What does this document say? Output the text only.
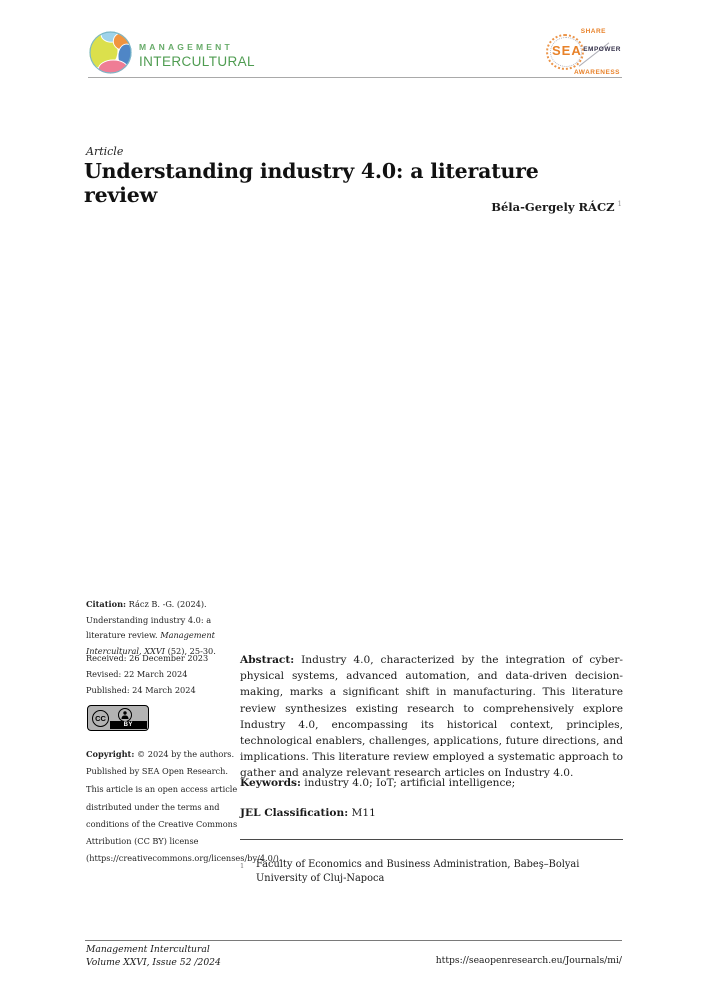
MANAGEMENT
INTERCULTURAL
SEA
SHARE
EMPOWER
AWARENESS
Article
Understanding industry 4.0: a literature review	Béla-Gergely RÁCZ $^1$
Citation: Rácz B. -G. (2024). Understanding industry 4.0: a literature review. Management Intercultural, XXVI (52), 25-30.
Received: 26 December 2023
Revised: 22 March 2024
Published: 24 March 2024
CC
BY

Copyright: © 2024 by the authors. Published by SEA Open Research.

This article is an open access article distributed under the terms and conditions of the Creative Commons Attribution (CC BY) license (https://creativecommons.org/licenses/by/4.0/).

Abstract: Industry 4.0, characterized by the integration of cyber-physical systems, advanced automation, and data-driven decision-making, marks a significant shift in manufacturing. This literature review synthesizes existing research to comprehensively explore Industry 4.0, encompassing its historical context, principles, technological enablers, challenges, applications, future directions, and implications. This literature review employed a systematic approach to gather and analyze relevant research articles on Industry 4.0.
Keywords: industry 4.0; IoT; artificial intelligence;
JEL Classification: M11
1	Faculty of Economics and Business Administration, Babeş–Bolyai University of Cluj-Napoca
Management Intercultural
Volume XXVI, Issue 52 /2024	https://seaopenresearch.eu/Journals/mi/
